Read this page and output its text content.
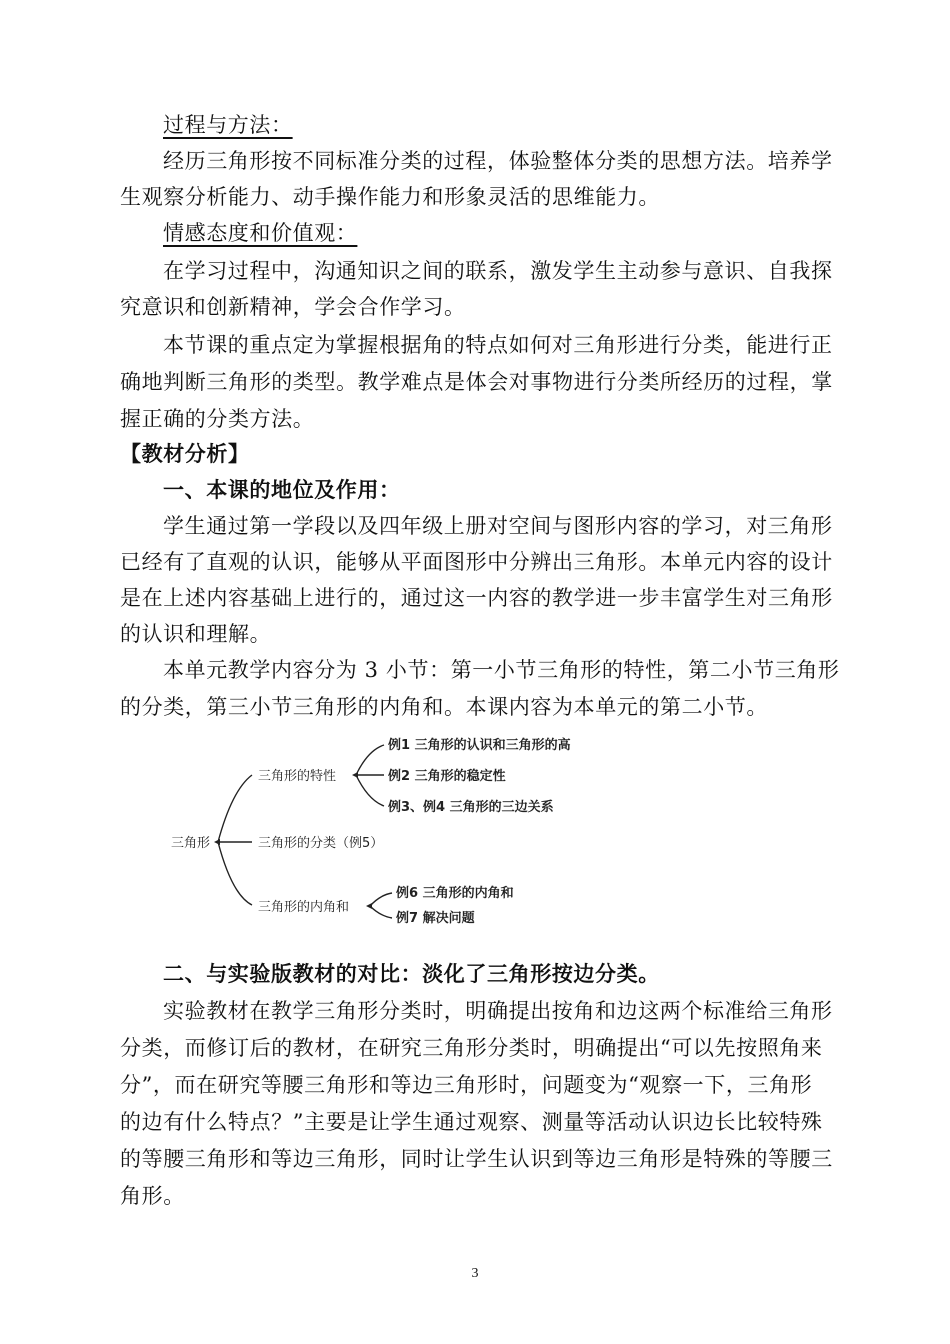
过程与方法：
经历三角形按不同标准分类的过程，体验整体分类的思想方法。培养学
生观察分析能力、动手操作能力和形象灵活的思维能力。
情感态度和价值观：
在学习过程中，沟通知识之间的联系，激发学生主动参与意识、自我探
究意识和创新精神，学会合作学习。
本节课的重点定为掌握根据角的特点如何对三角形进行分类，能进行正
确地判断三角形的类型。教学难点是体会对事物进行分类所经历的过程，掌
握正确的分类方法。
【教材分析】
一、本课的地位及作用：
学生通过第一学段以及四年级上册对空间与图形内容的学习，对三角形
已经有了直观的认识，能够从平面图形中分辨出三角形。本单元内容的设计
是在上述内容基础上进行的，通过这一内容的教学进一步丰富学生对三角形
的认识和理解。
本单元教学内容分为 3 小节：第一小节三角形的特性，第二小节三角形
的分类，第三小节三角形的内角和。本课内容为本单元的第二小节。
三角形
三角形的特性
例1 三角形的认识和三角形的高
例2 三角形的稳定性
例3、例4 三角形的三边关系
三角形的分类（例5）
三角形的内角和
例6 三角形的内角和
例7 解决问题
二、与实验版教材的对比：淡化了三角形按边分类。
实验教材在教学三角形分类时，明确提出按角和边这两个标准给三角形
分类，而修订后的教材，在研究三角形分类时，明确提出“可以先按照角来
分”，而在研究等腰三角形和等边三角形时，问题变为“观察一下，三角形
的边有什么特点？”主要是让学生通过观察、测量等活动认识边长比较特殊
的等腰三角形和等边三角形，同时让学生认识到等边三角形是特殊的等腰三
角形。
3
